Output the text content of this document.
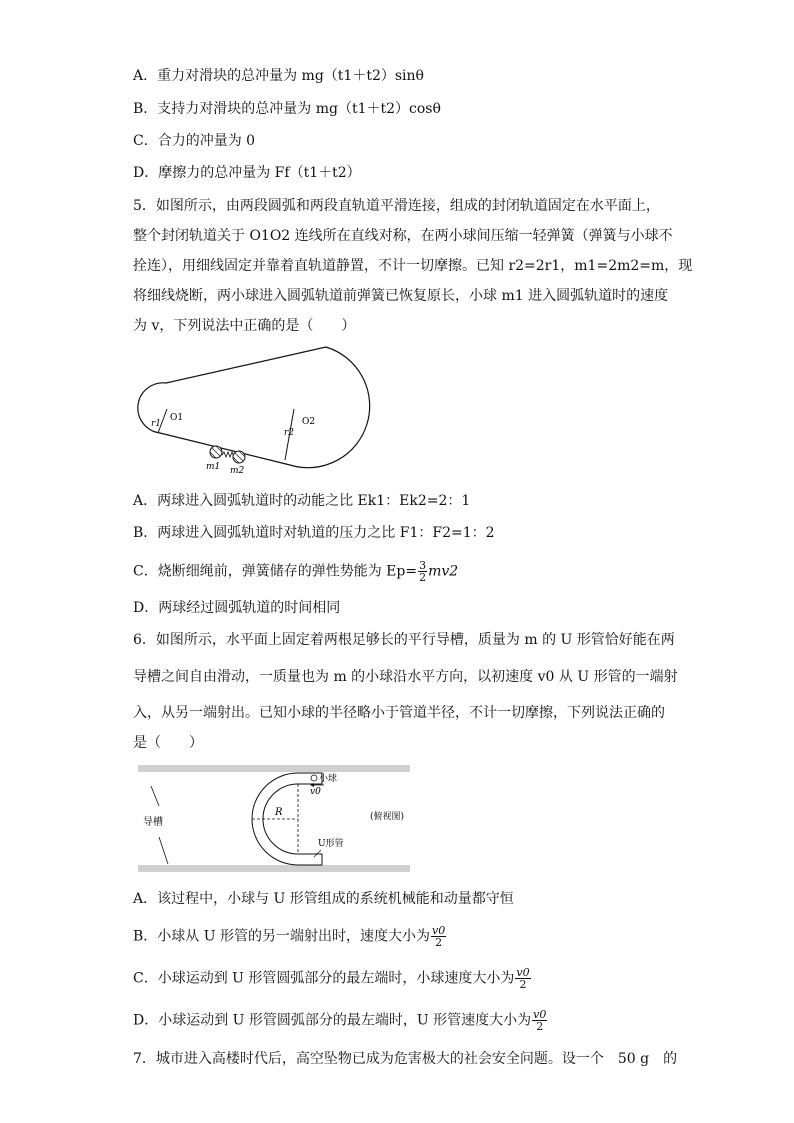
A．重力对滑块的总冲量为 mg（t1＋t2）sinθ
B．支持力对滑块的总冲量为 mg（t1＋t2）cosθ
C．合力的冲量为 0
D．摩擦力的总冲量为 Ff（t1＋t2）
5．如图所示，由两段圆弧和两段直轨道平滑连接，组成的封闭轨道固定在水平面上，
整个封闭轨道关于 O1O2 连线所在直线对称，在两小球间压缩一轻弹簧（弹簧与小球不
拴连），用细线固定并靠着直轨道静置，不计一切摩擦。已知 r2=2r1，m1=2m2=m，现
将细线烧断，两小球进入圆弧轨道前弹簧已恢复原长，小球 m1 进入圆弧轨道时的速度
为 v，下列说法中正确的是（　　）
O1
r1	O2
r2
m1 m2
A．两球进入圆弧轨道时的动能之比 Ek1：Ek2=2：1
B．两球进入圆弧轨道时对轨道的压力之比 F1：F2=1：2
C．烧断细绳前，弹簧储存的弹性势能为 $Ep= \frac{3}{2} mv2$
D．两球经过圆弧轨道的时间相同
6．如图所示，水平面上固定着两根足够长的平行导槽，质量为 m 的 U 形管恰好能在两
导槽之间自由滑动，一质量也为 m 的小球沿水平方向，以初速度 v0 从 U 形管的一端射
入，从另一端射出。已知小球的半径略小于管道半径，不计一切摩擦，下列说法正确的
是（　　）
导槽
R
小球
v0
(俯视图)
U形管
A．该过程中，小球与 U 形管组成的系统机械能和动量都守恒
B．小球从 U 形管的另一端射出时，速度大小为 $\frac{v0}{2}$
C．小球运动到 U 形管圆弧部分的最左端时，小球速度大小为 $\frac{v0}{2}$
D．小球运动到 U 形管圆弧部分的最左端时，U 形管速度大小为 $\frac{v0}{2}$
7．城市进入高楼时代后，高空坠物已成为危害极大的社会安全问题。设一个　50 g　的
